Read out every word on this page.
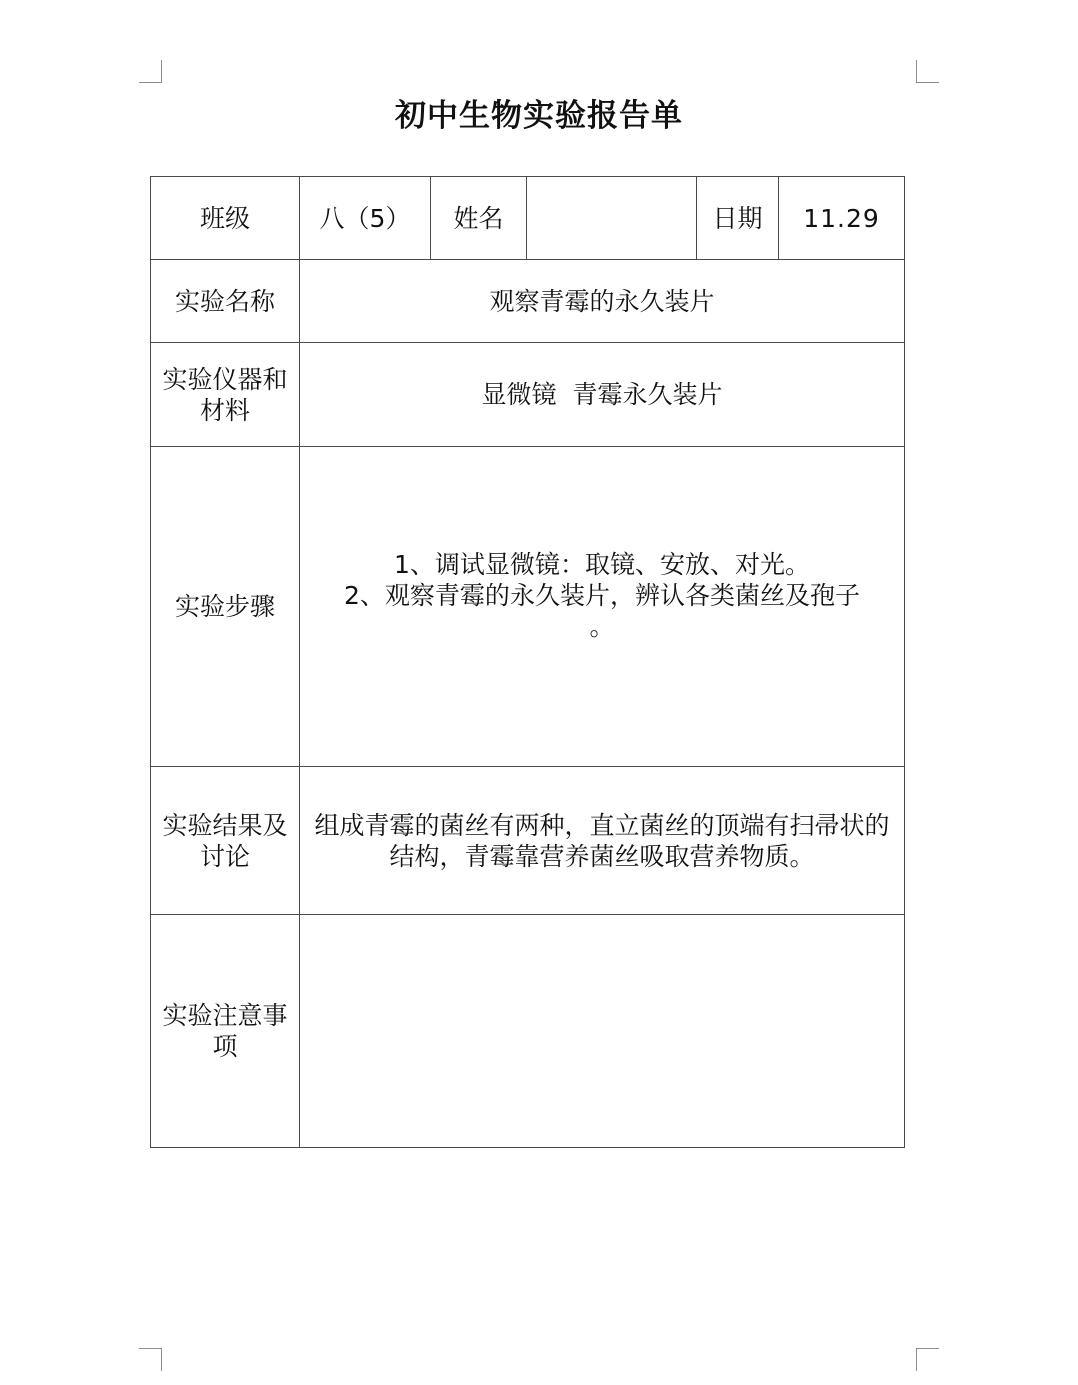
初中生物实验报告单
班级	八（5）	姓名		日期	11.29
实验名称	观察青霉的永久装片				
实验仪器和材料	显微镜  青霉永久装片				
实验步骤	1、调试显微镜：取镜、安放、对光。
2、观察青霉的永久装片，辨认各类菌丝及孢子
。				

实验结果及讨论	组成青霉的菌丝有两种，直立菌丝的顶端有扫帚状的结构，青霉靠营养菌丝吸取营养物质。				

实验注意事项					
